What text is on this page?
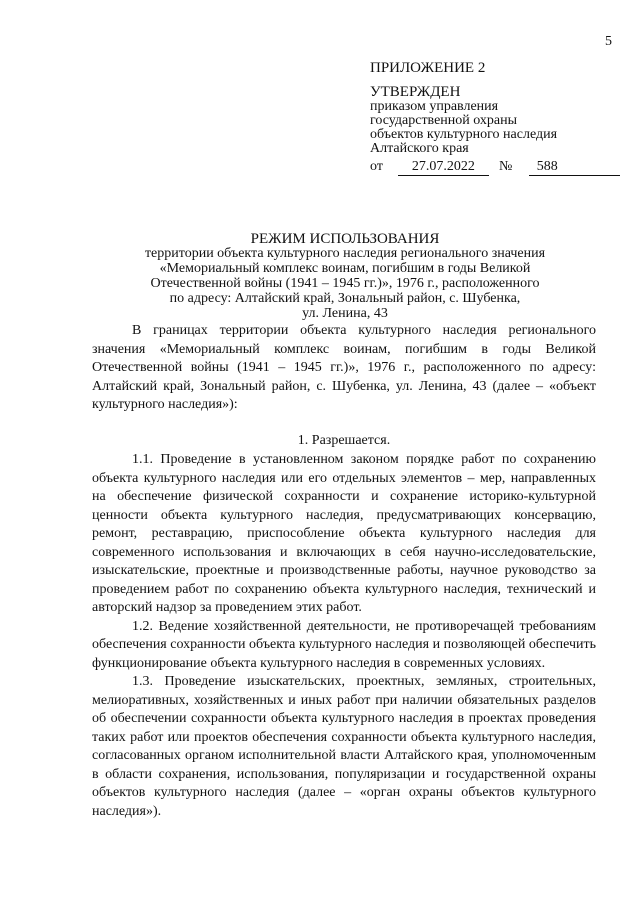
5
ПРИЛОЖЕНИЕ 2
УТВЕРЖДЕН
приказом управления
государственной охраны
объектов культурного наследия
Алтайского края
от	27.07.2022	№	588
РЕЖИМ ИСПОЛЬЗОВАНИЯ
территории объекта культурного наследия регионального значения
«Мемориальный комплекс воинам, погибшим в годы Великой
Отечественной войны (1941 – 1945 гг.)», 1976 г., расположенного
по адресу: Алтайский край, Зональный район, с. Шубенка,
ул. Ленина, 43

В границах территории объекта культурного наследия регионального значения «Мемориальный комплекс воинам, погибшим в годы Великой Отечественной войны (1941 – 1945 гг.)», 1976 г., расположенного по адресу: Алтайский край, Зональный район, с. Шубенка, ул. Ленина, 43 (далее – «объект культурного наследия»):

1. Разрешается.

1.1. Проведение в установленном законом порядке работ по сохранению объекта культурного наследия или его отдельных элементов – мер, направленных на обеспечение физической сохранности и сохранение историко-культурной ценности объекта культурного наследия, предусматривающих консервацию, ремонт, реставрацию, приспособление объекта культурного наследия для современного использования и включающих в себя научно-исследовательские, изыскательские, проектные и производственные работы, научное руководство за проведением работ по сохранению объекта культурного наследия, технический и авторский надзор за проведением этих работ.

1.2. Ведение хозяйственной деятельности, не противоречащей требованиям обеспечения сохранности объекта культурного наследия и позволяющей обеспечить функционирование объекта культурного наследия в современных условиях.

1.3. Проведение изыскательских, проектных, земляных, строительных, мелиоративных, хозяйственных и иных работ при наличии обязательных разделов об обеспечении сохранности объекта культурного наследия в проектах проведения таких работ или проектов обеспечения сохранности объекта культурного наследия, согласованных органом исполнительной власти Алтайского края, уполномоченным в области сохранения, использования, популяризации и государственной охраны объектов культурного наследия (далее – «орган охраны объектов культурного наследия»).
